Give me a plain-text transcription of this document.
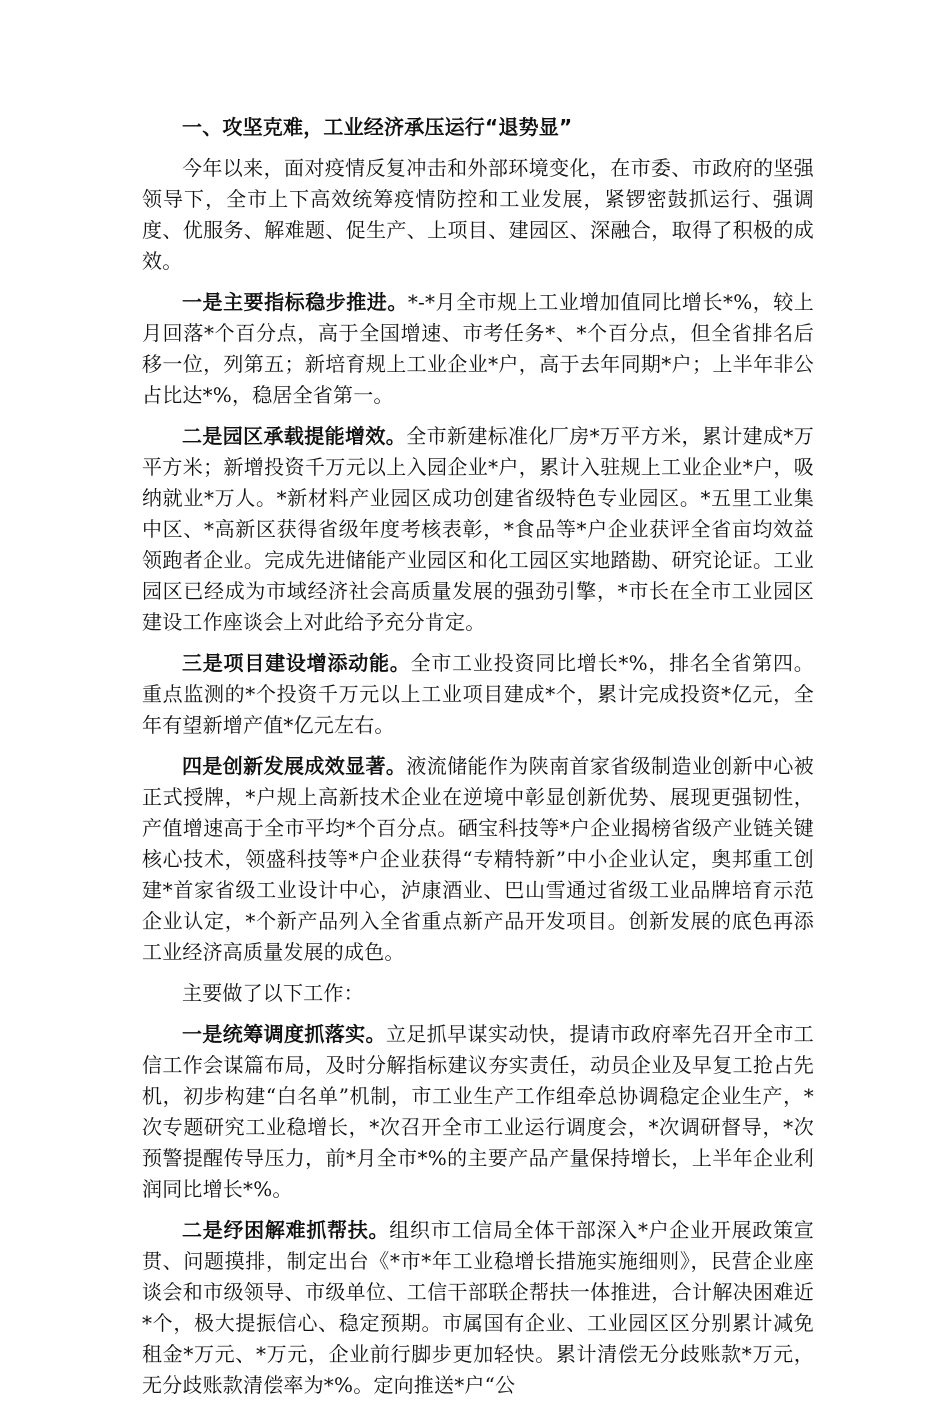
一、攻坚克难，工业经济承压运行“退势显”

今年以来，面对疫情反复冲击和外部环境变化，在市委、市政府的坚强领导下，全市上下高效统筹疫情防控和工业发展，紧锣密鼓抓运行、强调度、优服务、解难题、促生产、上项目、建园区、深融合，取得了积极的成效。

一是主要指标稳步推进。*-*月全市规上工业增加值同比增长*%，较上月回落*个百分点，高于全国增速、市考任务*、*个百分点，但全省排名后移一位，列第五；新培育规上工业企业*户，高于去年同期*户；上半年非公占比达*%，稳居全省第一。

二是园区承载提能增效。全市新建标准化厂房*万平方米，累计建成*万平方米；新增投资千万元以上入园企业*户，累计入驻规上工业企业*户，吸纳就业*万人。*新材料产业园区成功创建省级特色专业园区。*五里工业集中区、*高新区获得省级年度考核表彰，*食品等*户企业获评全省亩均效益领跑者企业。完成先进储能产业园区和化工园区实地踏勘、研究论证。工业园区已经成为市域经济社会高质量发展的强劲引擎，*市长在全市工业园区建设工作座谈会上对此给予充分肯定。

三是项目建设增添动能。全市工业投资同比增长*%，排名全省第四。重点监测的*个投资千万元以上工业项目建成*个，累计完成投资*亿元，全年有望新增产值*亿元左右。

四是创新发展成效显著。液流储能作为陕南首家省级制造业创新中心被正式授牌，*户规上高新技术企业在逆境中彰显创新优势、展现更强韧性，产值增速高于全市平均*个百分点。硒宝科技等*户企业揭榜省级产业链关键核心技术，领盛科技等*户企业获得“专精特新”中小企业认定，奥邦重工创建*首家省级工业设计中心，泸康酒业、巴山雪通过省级工业品牌培育示范企业认定，*个新产品列入全省重点新产品开发项目。创新发展的底色再添工业经济高质量发展的成色。

主要做了以下工作：

一是统筹调度抓落实。立足抓早谋实动快，提请市政府率先召开全市工信工作会谋篇布局，及时分解指标建议夯实责任，动员企业及早复工抢占先机，初步构建“白名单”机制，市工业生产工作组牵总协调稳定企业生产，*次专题研究工业稳增长，*次召开全市工业运行调度会，*次调研督导，*次预警提醒传导压力，前*月全市*%的主要产品产量保持增长，上半年企业利润同比增长*%。

二是纾困解难抓帮扶。组织市工信局全体干部深入*户企业开展政策宣贯、问题摸排，制定出台《*市*年工业稳增长措施实施细则》，民营企业座谈会和市级领导、市级单位、工信干部联企帮扶一体推进，合计解决困难近*个，极大提振信心、稳定预期。市属国有企业、工业园区区分别累计减免租金*万元、*万元，企业前行脚步更加轻快。累计清偿无分歧账款*万元，无分歧账款清偿率为*%。定向推送*户“公
